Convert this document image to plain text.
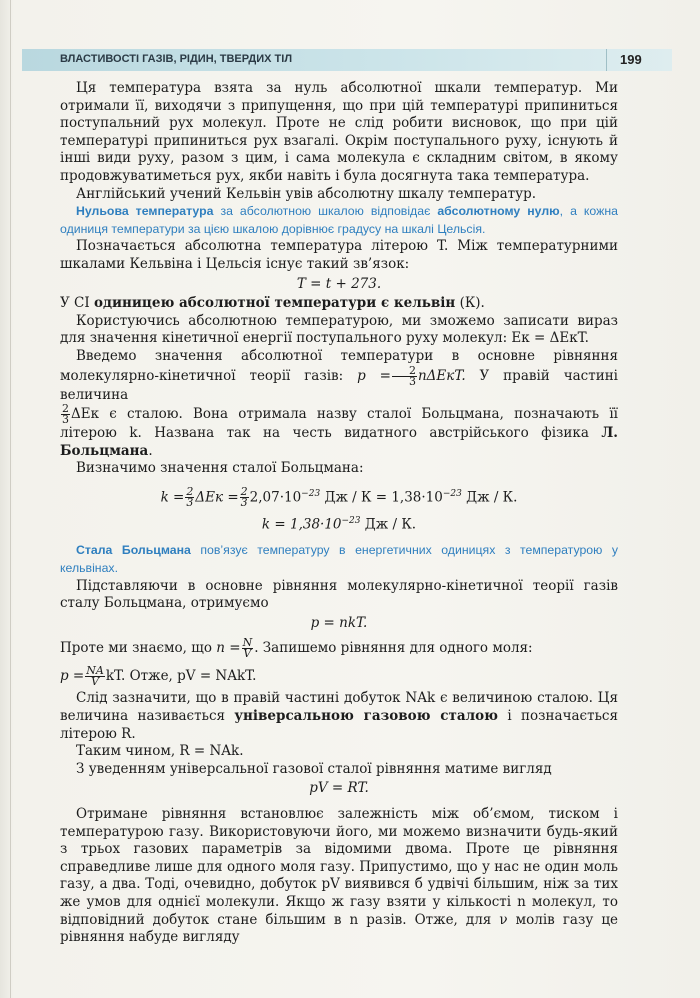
ВЛАСТИВОСТІ ГАЗІВ, РІДИН, ТВЕРДИХ ТІЛ	199

Ця температура взята за нуль абсолютної шкали температур. Ми отримали її, виходячи з припущення, що при цій температурі припиниться поступальний рух молекул. Проте не слід робити висновок, що при цій температурі припиниться рух взагалі. Окрім поступального руху, існують й інші види руху, разом з цим, і сама молекула є складним світом, в якому продовжуватиметься рух, якби навіть і була досягнута така температура.

Англійський учений Кельвін увів абсолютну шкалу температур.

Нульова температура за абсолютною шкалою відповідає абсолютному нулю, а кожна одиниця температури за цією шкалою дорівнює градусу на шкалі Цельсія.

Позначається абсолютна температура літерою T. Між температурними шкалами Кельвіна і Цельсія існує такий зв’язок:

T = t + 273.

У СІ одиницею абсолютної температури є кельвін (К).

Користуючись абсолютною температурою, ми зможемо записати вираз для значення кінетичної енергії поступального руху молекул: Eк = ΔEкT.

Введемо значення абсолютної температури в основне рівняння молекулярно-кінетичної теорії газів: $p = \frac{2}{3} n\Delta EкT$. У правій частині величина

$\frac{2}{3}$ ΔEк є сталою. Вона отримала назву сталої Больцмана, позначають її літерою k. Названа так на честь видатного австрійського фізика Л. Больцмана.

Визначимо значення сталої Больцмана:

$k = \frac{2}{3}$ $\Delta Eк = \frac{2}{3} 2,07\cdot 10^{-23}$ Дж / $К = 1,38\cdot 10^{-23}$ Дж / К.

$k = 1,38\cdot 10^{-23}$ Дж / К.

Стала Больцмана пов’язує температуру в енергетичних одиницях з температурою у кельвінах.

Підставляючи в основне рівняння молекулярно-кінетичної теорії газів сталу Больцмана, отримуємо

p = nkT.

Проте ми знаємо, що $n = \frac{N}{V}$ . Запишемо рівняння для одного моля:

$p = \frac{NA}{V}$ kT. Отже, pV = NAkT.

Слід зазначити, що в правій частині добуток NAk є величиною сталою. Ця величина називається універсальною газовою сталою і позначається літерою R.

Таким чином, R = NAk.

З уведенням універсальної газової сталої рівняння матиме вигляд

pV = RT.

Отримане рівняння встановлює залежність між об’ємом, тиском і температурою газу. Використовуючи його, ми можемо визначити будь-який з трьох газових параметрів за відомими двома. Проте це рівняння справедливе лише для одного моля газу. Припустимо, що у нас не один моль газу, а два. Тоді, очевидно, добуток pV виявився б удвічі більшим, ніж за тих же умов для однієї молекули. Якщо ж газу взяти у кількості n молекул, то відповідний добуток стане більшим в n разів. Отже, для ν молів газу це рівняння набуде вигляду
